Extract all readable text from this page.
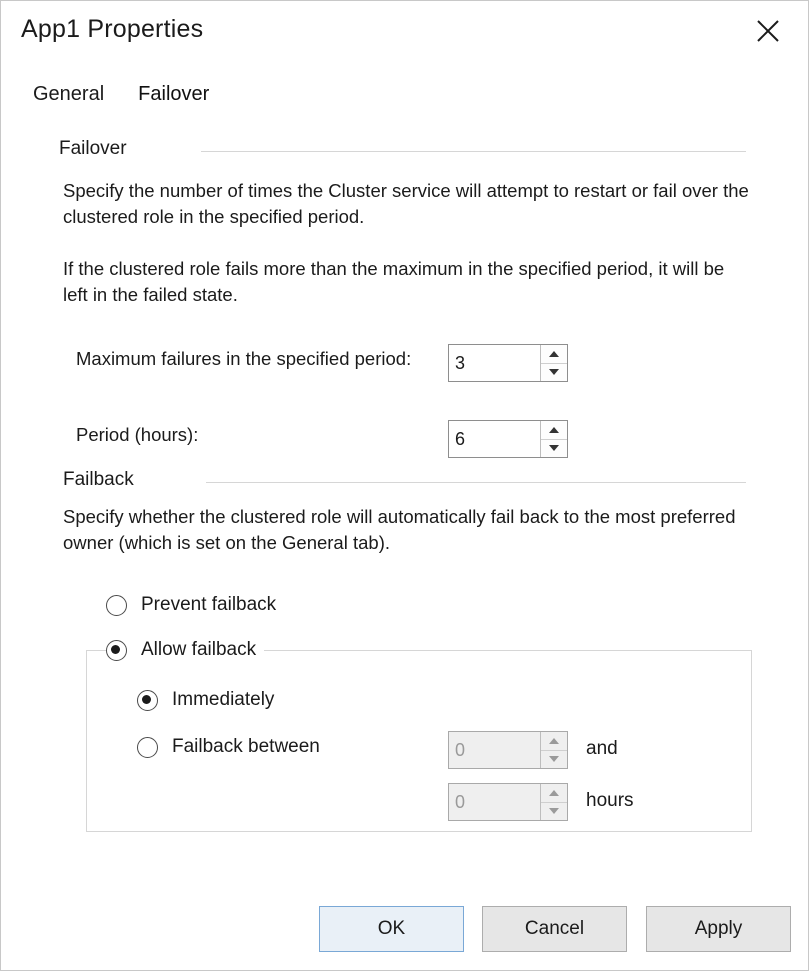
App1 Properties
General Failover
Failover
Specify the number of times the Cluster service will attempt to restart or fail over the clustered role in the specified period.
If the clustered role fails more than the maximum in the specified period, it will be left in the failed state.
Maximum failures in the specified period:
3
Period (hours):
6
Failback
Specify whether the clustered role will automatically fail back to the most preferred owner (which is set on the General tab).
Prevent failback
Allow failback
Immediately
Failback between
0	and
0
hours
OK	Cancel	Apply
